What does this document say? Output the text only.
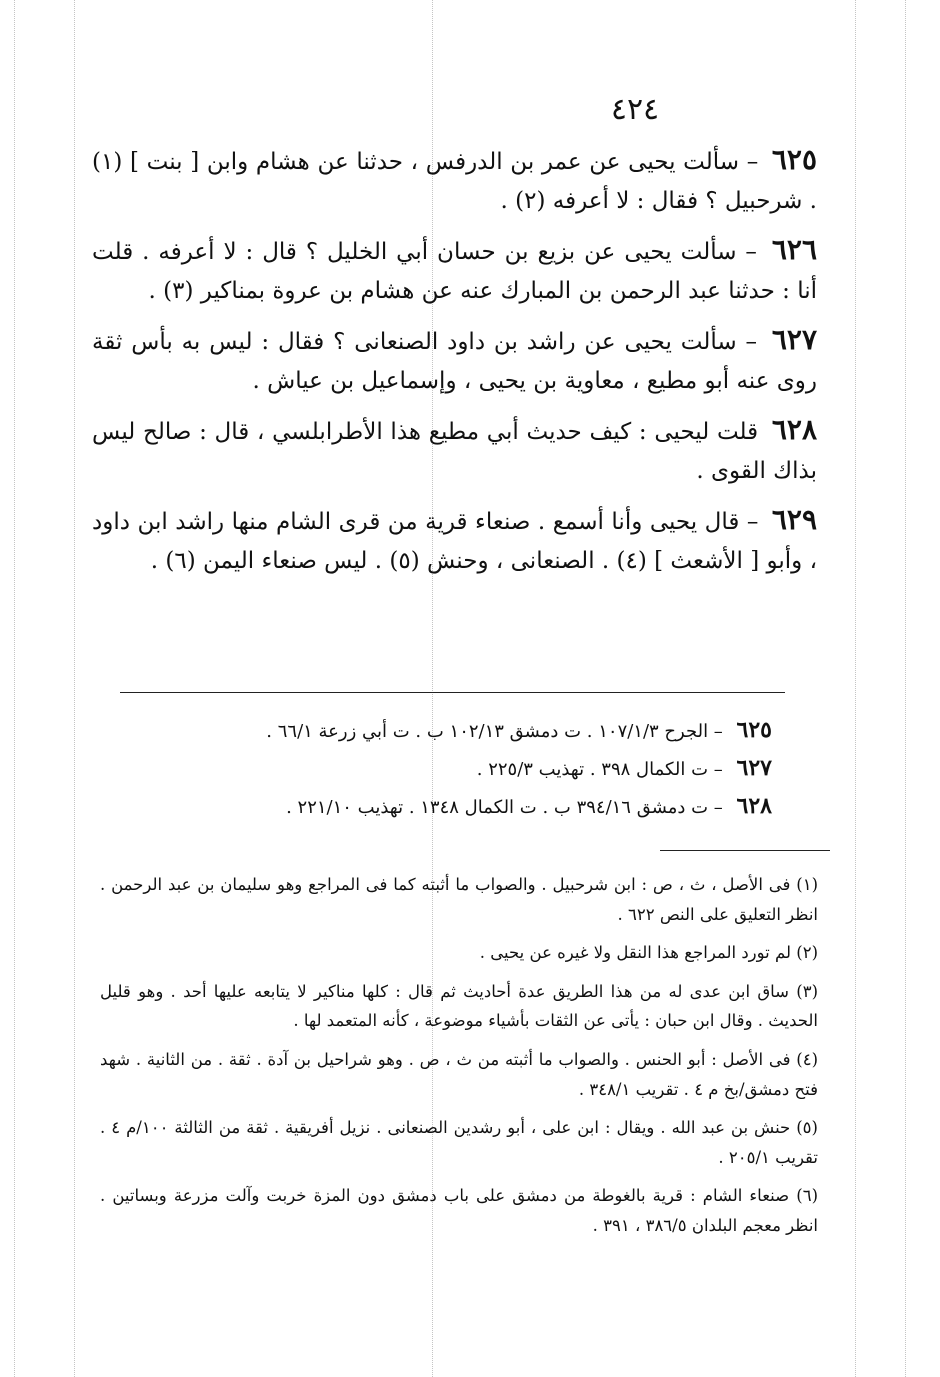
٤٢٤

٦٢٥ – سألت يحيى عن عمر بن الدرفس ، حدثنا عن هشام وابن [ بنت ] (١) . شرحبيل ؟ فقال : لا أعرفه (٢) .

٦٢٦ – سألت يحيى عن بزيع بن حسان أبي الخليل ؟ قال : لا أعرفه . قلت أنا : حدثنا عبد الرحمن بن المبارك عنه عن هشام بن عروة بمناكير (٣) .

٦٢٧ – سألت يحيى عن راشد بن داود الصنعانى ؟ فقال : ليس به بأس ثقة روى عنه أبو مطيع ، معاوية بن يحيى ، وإسماعيل بن عياش .

٦٢٨ قلت ليحيى : كيف حديث أبي مطيع هذا الأطرابلسي ، قال : صالح ليس بذاك القوى .

٦٢٩ – قال يحيى وأنا أسمع . صنعاء قرية من قرى الشام منها راشد ابن داود ، وأبو [ الأشعث ] (٤) . الصنعانى ، وحنش (٥) . ليس صنعاء اليمن (٦) .

٦٢٥ – الجرح ١٠٧/١/٣ . ت دمشق ١٠٢/١٣ ب . ت أبي زرعة ٦٦/١ .

٦٢٧ – ت الكمال ٣٩٨ . تهذيب ٢٢٥/٣ .

٦٢٨ – ت دمشق ٣٩٤/١٦ ب . ت الكمال ١٣٤٨ . تهذيب ٢٢١/١٠ .

(١) فى الأصل ، ث ، ص : ابن شرحبيل . والصواب ما أثبته كما فى المراجع وهو سليمان بن عبد الرحمن . انظر التعليق على النص ٦٢٢ .

(٢) لم تورد المراجع هذا النقل ولا غيره عن يحيى .

(٣) ساق ابن عدى له من هذا الطريق عدة أحاديث ثم قال : كلها مناكير لا يتابعه عليها أحد . وهو قليل الحديث . وقال ابن حبان : يأتى عن الثقات بأشياء موضوعة ، كأنه المتعمد لها .

(٤) فى الأصل : أبو الحنس . والصواب ما أثبته من ث ، ص . وهو شراحيل بن آدة . ثقة . من الثانية . شهد فتح دمشق/بخ م ٤ . تقريب ٣٤٨/١ .

(٥) حنش بن عبد الله . ويقال : ابن على ، أبو رشدين الصنعانى . نزيل أفريقية . ثقة من الثالثة ١٠٠/م ٤ . تقريب ٢٠٥/١ .

(٦) صنعاء الشام : قرية بالغوطة من دمشق على باب دمشق دون المزة خربت وآلت مزرعة وبساتين . انظر معجم البلدان ٣٨٦/٥ ، ٣٩١ .
